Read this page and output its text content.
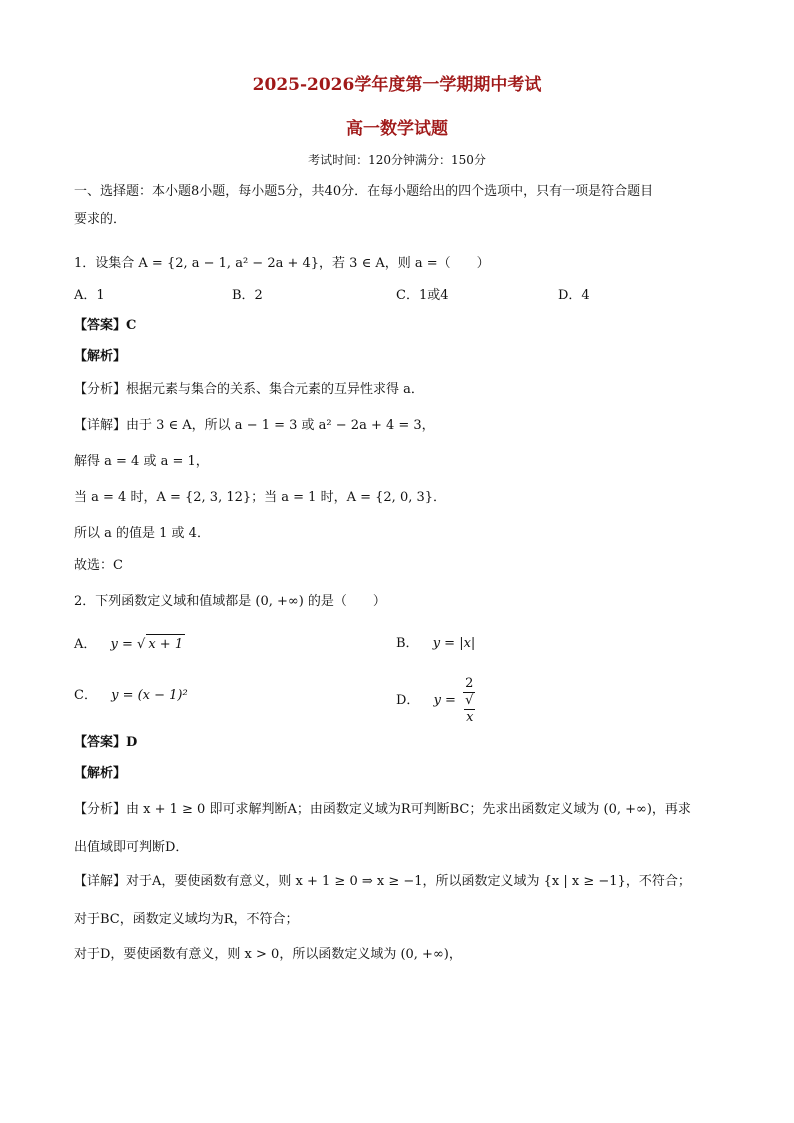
2025-2026学年度第一学期期中考试
高一数学试题
考试时间：120分钟满分：150分
一、选择题：本小题8小题，每小题5分，共40分．在每小题给出的四个选项中，只有一项是符合题目
要求的．
1．设集合 A = {2, a − 1, a² − 2a + 4}，若 3 ∈ A，则 a =（　　）
A．1	B．2	C．1或4	D．4
【答案】C
【解析】
【分析】根据元素与集合的关系、集合元素的互异性求得 a．
【详解】由于 3 ∈ A，所以 a − 1 = 3 或 a² − 2a + 4 = 3，
解得 a = 4 或 a = 1，
当 a = 4 时，A = {2, 3, 12}；当 a = 1 时，A = {2, 0, 3}．
所以 a 的值是 1 或 4．
故选：C
2．下列函数定义域和值域都是 (0, +∞) 的是（　　）
A． y = √ x + 1	B． y = |x|
C． y = (x − 1)²	D． y = 2
√
x
【答案】D
【解析】
【分析】由 x + 1 ≥ 0 即可求解判断A；由函数定义域为R可判断BC；先求出函数定义域为 (0, +∞)，再求
出值域即可判断D．
【详解】对于A，要使函数有意义，则 x + 1 ≥ 0 ⇒ x ≥ −1，所以函数定义域为 {x | x ≥ −1}，不符合；
对于BC，函数定义域均为R，不符合；
对于D，要使函数有意义，则 x > 0，所以函数定义域为 (0, +∞)，
